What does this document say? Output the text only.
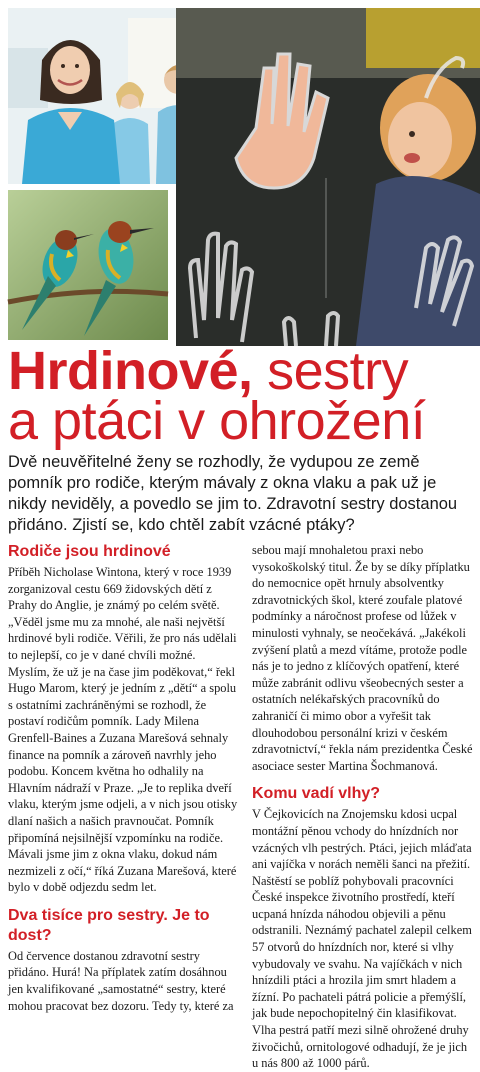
Hrdinové, sestry
a ptáci v ohrožení

Dvě neuvěřitelné ženy se rozhodly, že vydupou ze země pomník pro rodiče, kterým mávaly z okna vlaku a pak už je nikdy neviděly, a povedlo se jim to. Zdravotní sestry dostanou přidáno. Zjistí se, kdo chtěl zabít vzácné ptáky?

Rodiče jsou hrdinové

Příběh Nicholase Wintona, který v roce 1939 zorganizoval cestu 669 židovských dětí z Prahy do Anglie, je známý po celém světě. „Věděl jsme mu za mnohé, ale naši největší hrdinové byli rodiče. Věřili, že pro nás udělali to nejlepší, co je v dané chvíli možné. Myslím, že už je na čase jim poděkovat,“ řekl Hugo Marom, který je jedním z „dětí“ a spolu s ostatními zachráněnými se rozhodl, že postaví rodičům pomník. Lady Milena Grenfell-Baines a Zuzana Marešová sehnaly finance na pomník a zároveň navrhly jeho podobu. Koncem května ho odhalily na Hlavním nádraží v Praze. „Je to replika dveří vlaku, kterým jsme odjeli, a v nich jsou otisky dlaní našich a našich pravnoučat. Pomník připomíná nejsilnější vzpomínku na rodiče. Mávali jsme jim z okna vlaku, dokud nám nezmizeli z očí,“ říká Zuzana Marešová, které bylo v době odjezdu sedm let.

Dva tisíce pro sestry. Je to dost?

Od července dostanou zdravotní sestry přidáno. Hurá! Na příplatek zatím dosáhnou jen kvalifikované „samostatné“ sestry, které mohou pracovat bez dozoru. Tedy ty, které za

sebou mají mnohaletou praxi nebo vysokoškolský titul. Že by se díky příplatku do nemocnice opět hrnuly absolventky zdravotnických škol, které zoufale platové podmínky a náročnost profese od lůžek v minulosti vyhnaly, se neočekává. „Jakékoli zvýšení platů a mezd vítáme, protože podle nás je to jedno z klíčových opatření, které může zabránit odlivu všeobecných sester a ostatních nelékařských pracovníků do zahraničí či mimo obor a vyřešit tak dlouhodobou personální krizi v českém zdravotnictví,“ řekla nám prezidentka České asociace sester Martina Šochmanová.

Komu vadí vlhy?

V Čejkovicích na Znojemsku kdosi ucpal montážní pěnou vchody do hnízdních nor vzácných vlh pestrých. Ptáci, jejich mláďata ani vajíčka v norách neměli šanci na přežití. Naštěstí se poblíž pohybovali pracovníci České inspekce životního prostředí, kteří ucpaná hnízda náhodou objevili a pěnu odstranili. Neznámý pachatel zalepil celkem 57 otvorů do hnízdních nor, které si vlhy vybudovaly ve svahu. Na vajíčkách v nich hnízdili ptáci a hrozila jim smrt hladem a žízní. Po pachateli pátrá policie a přemýšlí, jak bude nepochopitelný čin klasifikovat. Vlha pestrá patří mezi silně ohrožené druhy živočichů, ornitologové odhadují, že je jich u nás 800 až 1000 párů.
